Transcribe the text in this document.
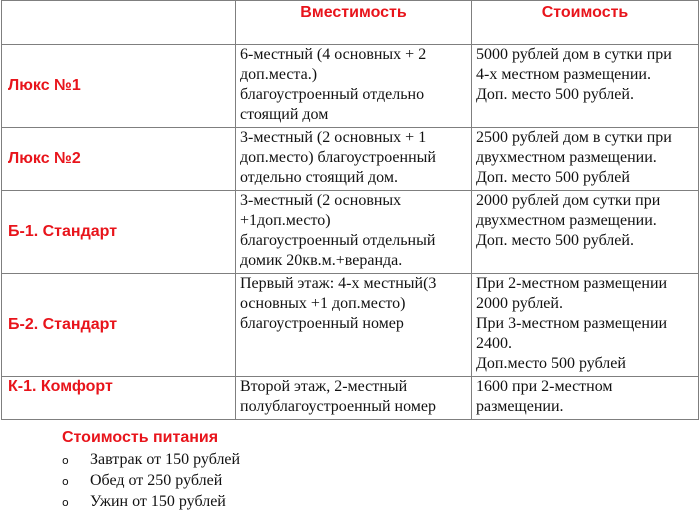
	Вместимость	Стоимость
Люкс №1	6-местный (4 основных + 2
доп.места.)
благоустроенный отдельно
стоящий дом	5000 рублей дом в сутки при
4-х местном размещении.
Доп. место 500 рублей.

Люкс №2	3-местный (2 основных + 1
доп.место) благоустроенный
отдельно стоящий дом.	2500 рублей дом в сутки при
двухместном размещении.
Доп. место 500 рублей

Б-1. Стандарт	3-местный (2 основных
+1доп.место)
благоустроенный отдельный
домик 20кв.м.+веранда.	2000 рублей дом сутки при
двухместном размещении.
Доп. место 500 рублей.

Б-2. Стандарт	Первый этаж: 4-х местный(3
основных +1 доп.место)
благоустроенный номер	При 2-местном размещении
2000 рублей.
При 3-местном размещении
2400.
Доп.место 500 рублей

К-1. Комфорт	Второй этаж, 2-местный
полублагоустроенный номер	1600 при 2-местном
размещении.
Стоимость питания
o	Завтрак от 150 рублей
o	Обед от 250 рублей
o	Ужин от 150 рублей
